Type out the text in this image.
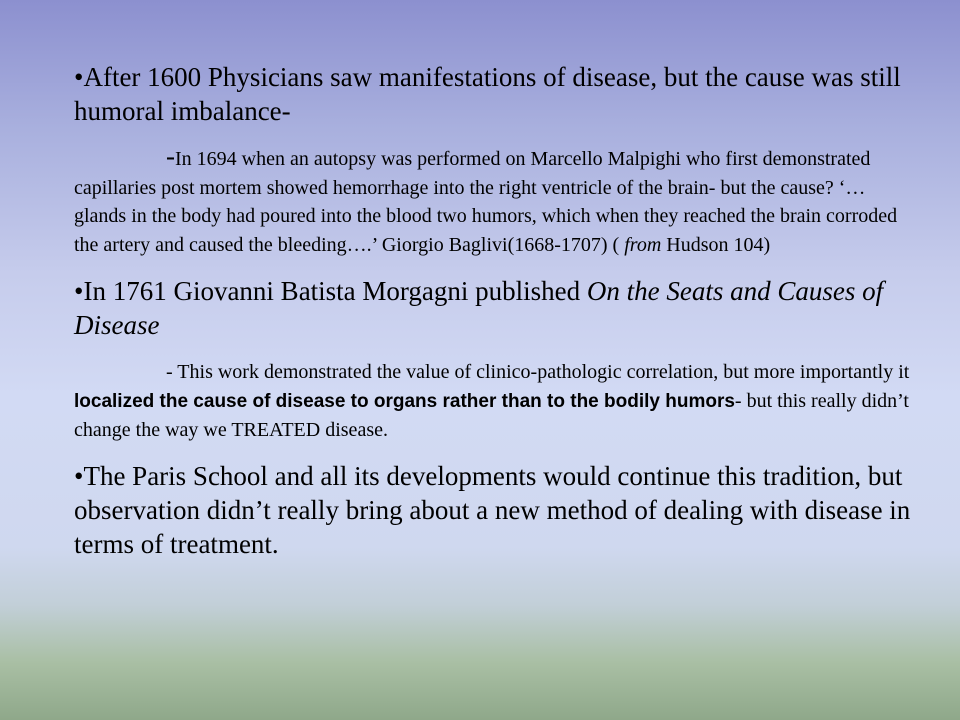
•After 1600 Physicians saw manifestations of disease, but the cause was still humoral imbalance-

-In 1694 when an autopsy was performed on Marcello Malpighi who first demonstrated capillaries post mortem showed hemorrhage into the right ventricle of the brain- but the cause? ‘… glands in the body had poured into the blood two humors, which when they reached the brain corroded the artery and caused the bleeding….’ Giorgio Baglivi(1668-1707) ( from Hudson 104)

•In 1761 Giovanni Batista Morgagni published On the Seats and Causes of Disease

- This work demonstrated the value of clinico-pathologic correlation, but more importantly it localized the cause of disease to organs rather than to the bodily humors- but this really didn’t change the way we TREATED disease.

•The Paris School and all its developments would continue this tradition, but observation didn’t really bring about a new method of dealing with disease in terms of treatment.
